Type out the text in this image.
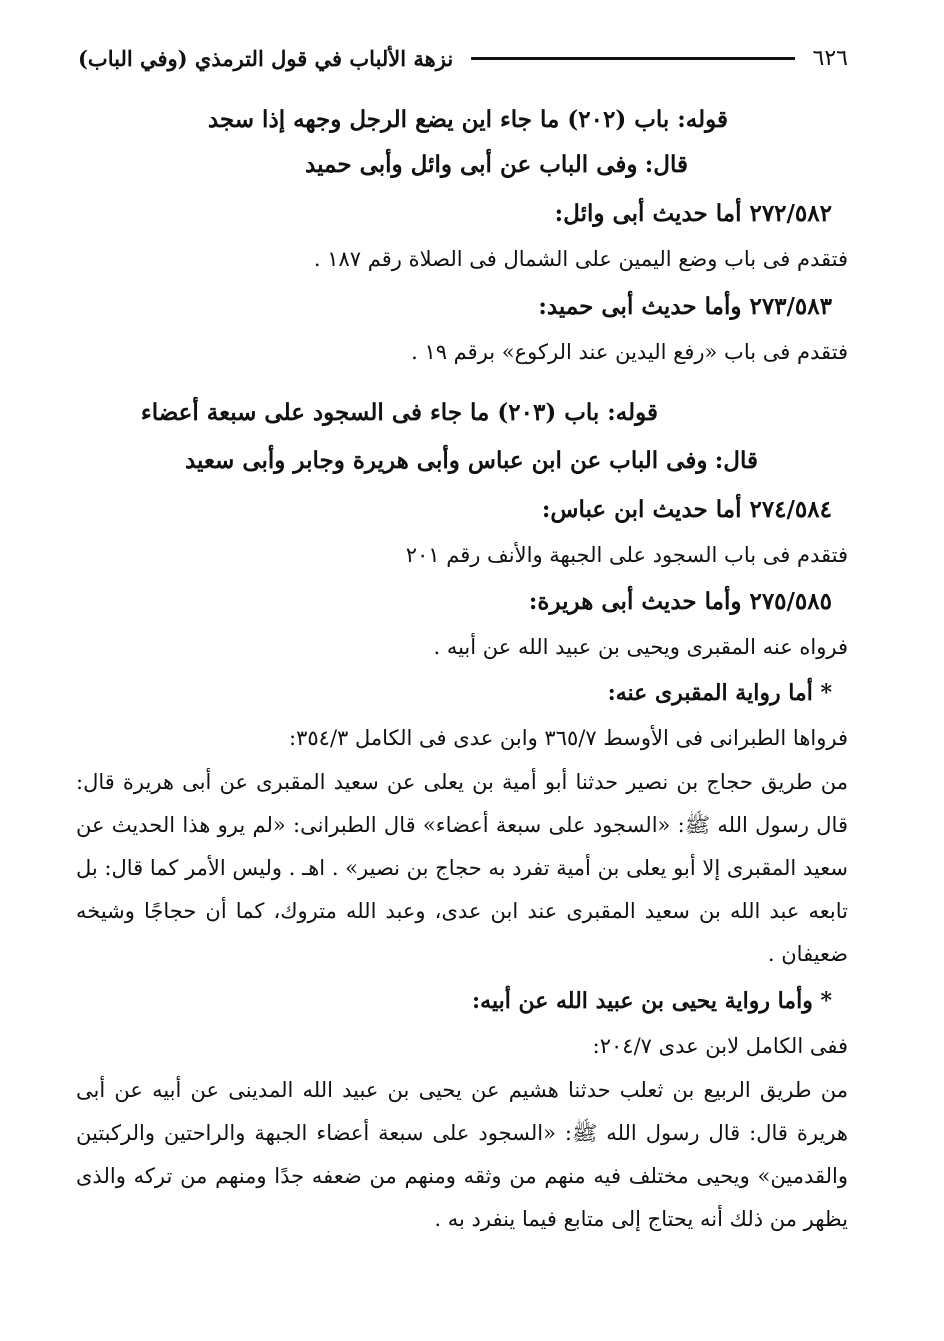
٦٢٦
نزهة الألباب في قول الترمذي (وفي الباب)

قوله: باب (٢٠٢) ما جاء اين يضع الرجل وجهه إذا سجد

قال: وفى الباب عن أبى وائل وأبى حميد

٢٧٢/٥٨٢ أما حديث أبى وائل:

فتقدم فى باب وضع اليمين على الشمال فى الصلاة رقم ١٨٧ .

٢٧٣/٥٨٣ وأما حديث أبى حميد:

فتقدم فى باب «رفع اليدين عند الركوع» برقم ١٩ .

قوله: باب (٢٠٣) ما جاء فى السجود على سبعة أعضاء

قال: وفى الباب عن ابن عباس وأبى هريرة وجابر وأبى سعيد

٢٧٤/٥٨٤ أما حديث ابن عباس:

فتقدم فى باب السجود على الجبهة والأنف رقم ٢٠١

٢٧٥/٥٨٥ وأما حديث أبى هريرة:

فرواه عنه المقبرى ويحيى بن عبيد الله عن أبيه .

* أما رواية المقبرى عنه:

فرواها الطبرانى فى الأوسط ٣٦٥/٧ وابن عدى فى الكامل ٣٥٤/٣:

من طريق حجاج بن نصير حدثنا أبو أمية بن يعلى عن سعيد المقبرى عن أبى هريرة قال: قال رسول الله ﷺ: «السجود على سبعة أعضاء» قال الطبرانى: «لم يرو هذا الحديث عن سعيد المقبرى إلا أبو يعلى بن أمية تفرد به حجاج بن نصير» . اهـ . وليس الأمر كما قال: بل تابعه عبد الله بن سعيد المقبرى عند ابن عدى، وعبد الله متروك، كما أن حجاجًا وشيخه ضعيفان .

* وأما رواية يحيى بن عبيد الله عن أبيه:

ففى الكامل لابن عدى ٢٠٤/٧:

من طريق الربيع بن ثعلب حدثنا هشيم عن يحيى بن عبيد الله المدينى عن أبيه عن أبى هريرة قال: قال رسول الله ﷺ: «السجود على سبعة أعضاء الجبهة والراحتين والركبتين والقدمين» ويحيى مختلف فيه منهم من وثقه ومنهم من ضعفه جدًا ومنهم من تركه والذى يظهر من ذلك أنه يحتاج إلى متابع فيما ينفرد به .
